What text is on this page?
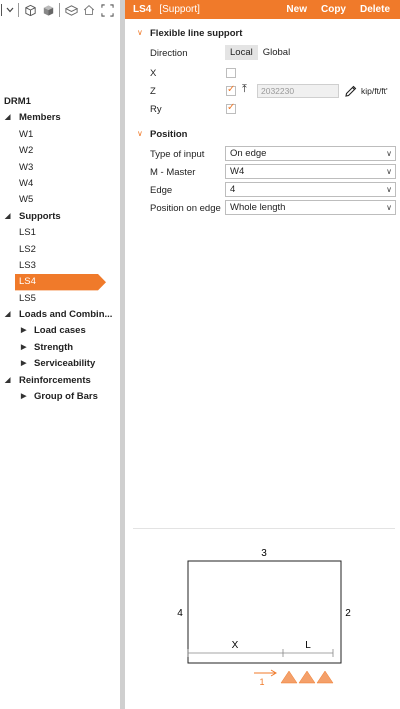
DRM1
◢ Members
W1
W2
W3
W4
W5
◢ Supports
LS1
LS2
LS3
LS4
LS5
◢ Loads and Combin...
▶ Load cases
▶ Strength
▶ Serviceability
◢ Reinforcements
▶ Group of Bars
LS4 [Support]	New Copy Delete
∨ Flexible line support
Direction	Local	Global
X
Z
✓	⤒	2032230	kip/ft/ft'
Ry
✓
∨ Position
Type of input	On edge	∨
M - Master	W4	∨
Edge	4	∨
Position on edge Whole length	∨
3
4	2
X	L
1
